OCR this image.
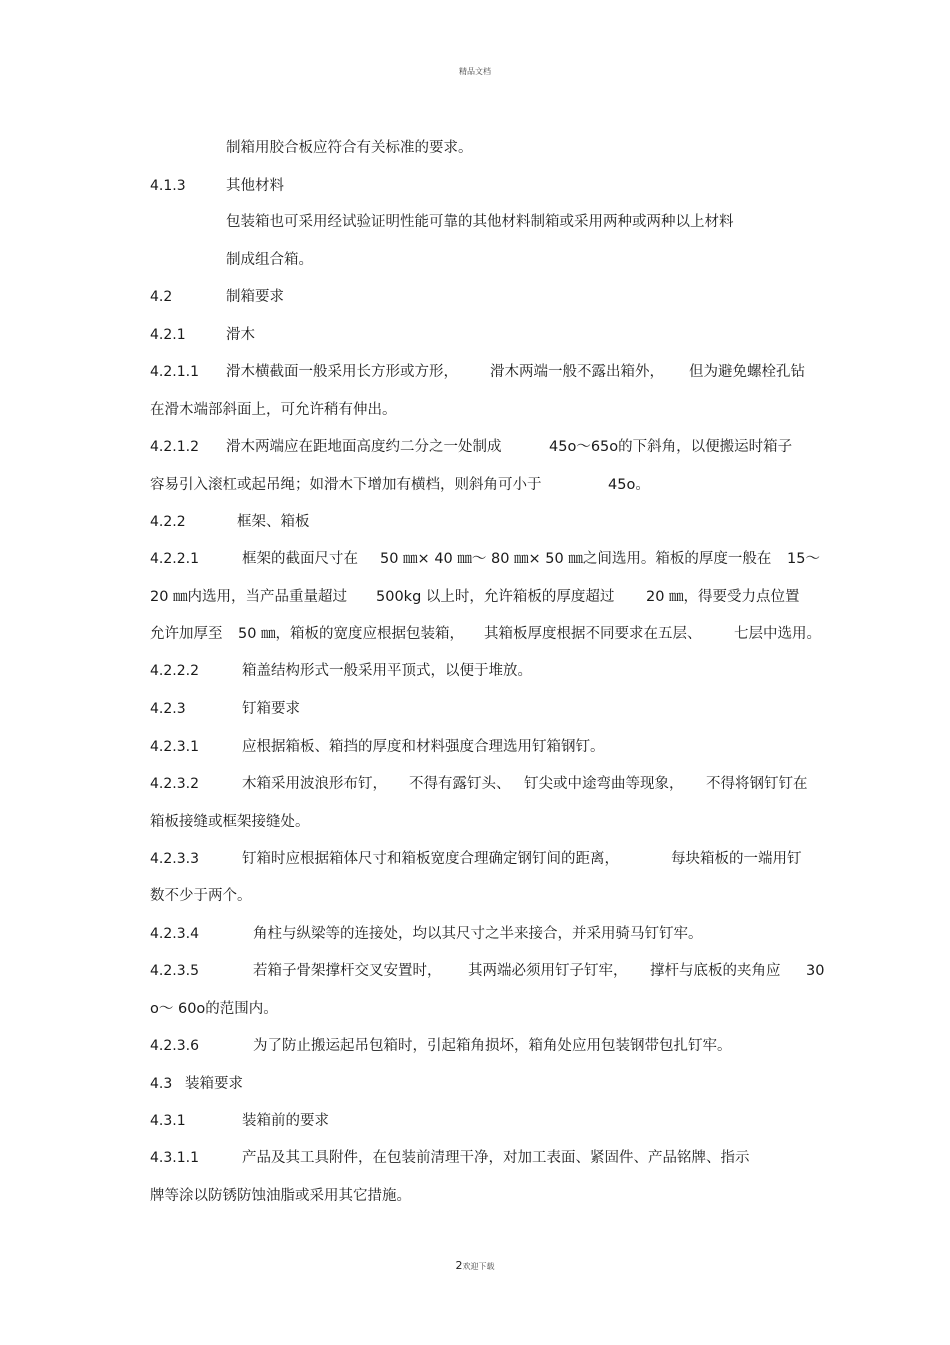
精品文档
制箱用胶合板应符合有关标准的要求。
4.1.3	其他材料
包装箱也可采用经试验证明性能可靠的其他材料制箱或采用两种或两种以上材料
制成组合箱。
4.2	制箱要求
4.2.1	滑木
4.2.1.1 滑木横截面一般采用长方形或方形， 滑木两端一般不露出箱外， 但为避免螺栓孔钻
在滑木端部斜面上，可允许稍有伸出。
4.2.1.2 滑木两端应在距地面高度约二分之一处制成	45o～65o的下斜角，以便搬运时箱子
容易引入滚杠或起吊绳；如滑木下增加有横档，则斜角可小于	45o。
4.2.2	框架、箱板
4.2.2.1	框架的截面尺寸在 50 ㎜× 40 ㎜～ 80 ㎜× 50 ㎜之间选用。箱板的厚度一般在 15～
20 ㎜内选用，当产品重量超过 500kg 以上时，允许箱板的厚度超过 20 ㎜，得要受力点位置
允许加厚至 50 ㎜，箱板的宽度应根据包装箱， 其箱板厚度根据不同要求在五层、 七层中选用。
4.2.2.2	箱盖结构形式一般采用平顶式，以便于堆放。
4.2.3	钉箱要求
4.2.3.1	应根据箱板、箱挡的厚度和材料强度合理选用钉箱钢钉。
4.2.3.2	木箱采用波浪形布钉， 不得有露钉头、 钉尖或中途弯曲等现象， 不得将钢钉钉在
箱板接缝或框架接缝处。
4.2.3.3	钉箱时应根据箱体尺寸和箱板宽度合理确定钢钉间的距离，	每块箱板的一端用钉
数不少于两个。
4.2.3.4	角柱与纵梁等的连接处，均以其尺寸之半来接合，并采用骑马钉钉牢。
4.2.3.5	若箱子骨架撑杆交叉安置时， 其两端必须用钉子钉牢， 撑杆与底板的夹角应 30
o～ 60o的范围内。
4.2.3.6	为了防止搬运起吊包箱时，引起箱角损坏，箱角处应用包装钢带包扎钉牢。
4.3 装箱要求
4.3.1	装箱前的要求
4.3.1.1	产品及其工具附件，在包装前清理干净，对加工表面、紧固件、产品铭牌、指示
牌等涂以防锈防蚀油脂或采用其它措施。
2欢迎下载
